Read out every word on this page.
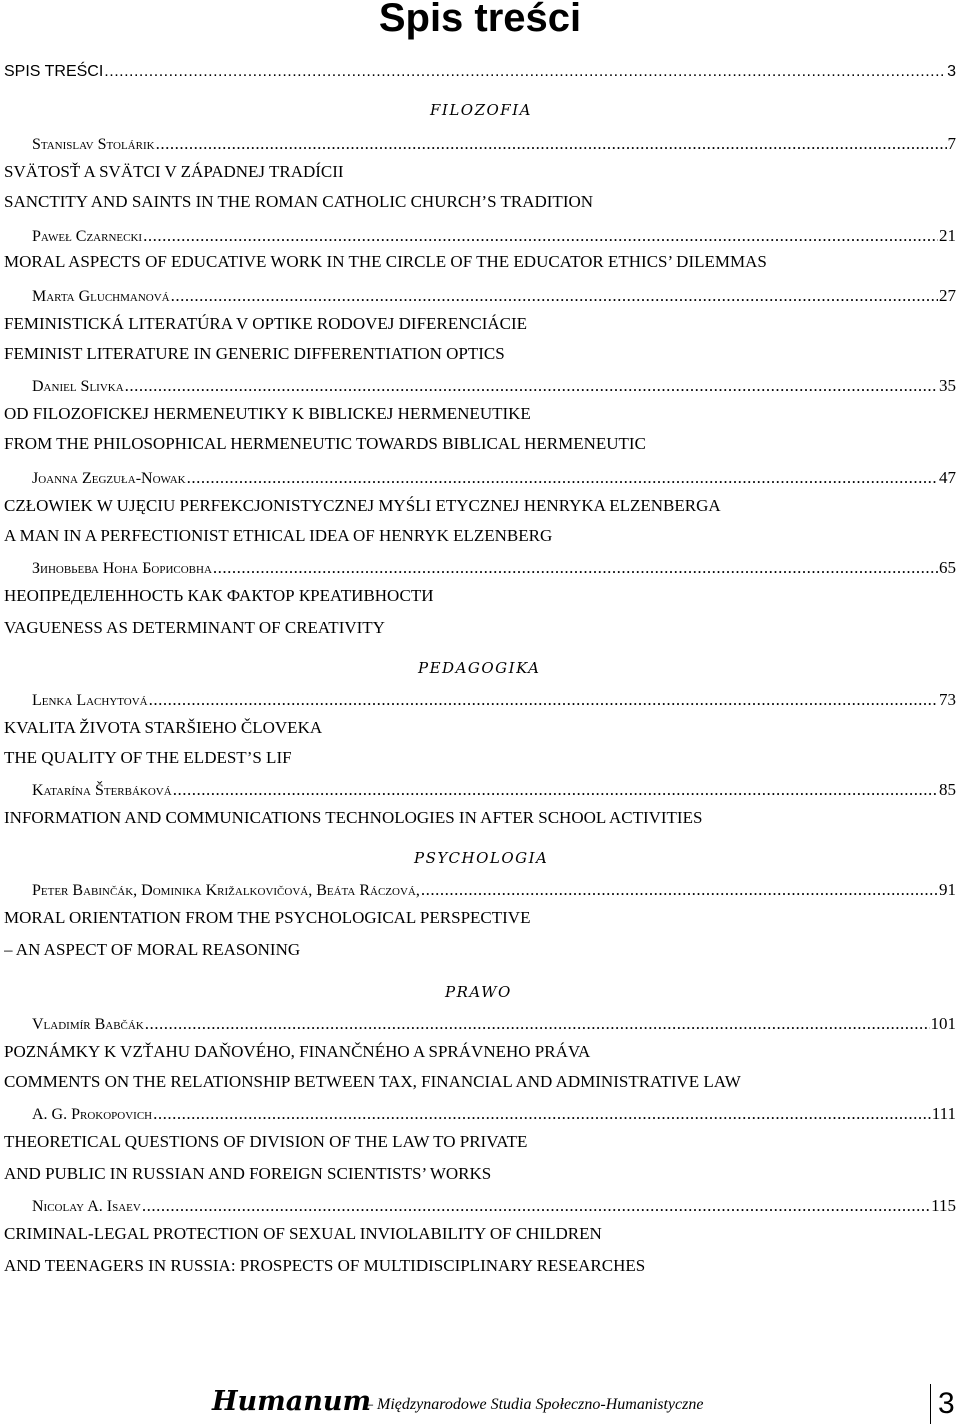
Spis treści
SPIS TREŚCI .....	3
FILOZOFIA
Stanislav Stolárik .....	7
SVÄTOSŤ A SVÄTCI V ZÁPADNEJ TRADÍCII
SANCTITY AND SAINTS IN THE ROMAN CATHOLIC CHURCH’S TRADITION
Paweł Czarnecki .....	21
MORAL ASPECTS OF EDUCATIVE WORK IN THE CIRCLE OF THE EDUCATOR ETHICS’ DILEMMAS
Marta Gluchmanová .....	27
FEMINISTICKÁ LITERATÚRA V OPTIKE RODOVEJ DIFERENCIÁCIE
FEMINIST LITERATURE IN GENERIC DIFFERENTIATION OPTICS
Daniel Slivka .....	35
OD FILOZOFICKEJ HERMENEUTIKY K BIBLICKEJ HERMENEUTIKE
FROM THE PHILOSOPHICAL HERMENEUTIC TOWARDS BIBLICAL HERMENEUTIC
Joanna Zegzuła-Nowak .....	47
CZŁOWIEK W UJĘCIU PERFEKCJONISTYCZNEJ MYŚLI ETYCZNEJ HENRYKA ELZENBERGA
A MAN IN A PERFECTIONIST ETHICAL IDEA OF HENRYK ELZENBERG
Зиновьева Нона Борисовна .....	65
НЕОПРЕДЕЛЕННОСТЬ КАК ФАКТОР КРЕАТИВНОСТИ
VAGUENESS AS DETERMINANT OF CREATIVITY
PEDAGOGIKA
Lenka Lachytová .....	73
KVALITA ŽIVOTA STARŠIEHO ČLOVEKA
THE QUALITY OF THE ELDEST’S LIF
Katarína Šterbáková .....	85
INFORMATION AND COMMUNICATIONS TECHNOLOGIES IN AFTER SCHOOL ACTIVITIES
PSYCHOLOGIA
Peter Babinčák, Dominika Križalkovičová, Beáta Ráczová, .....	91
MORAL ORIENTATION FROM THE PSYCHOLOGICAL PERSPECTIVE
– AN ASPECT OF MORAL REASONING
PRAWO
Vladimír Babčák .....	101
POZNÁMKY K VZŤAHU DAŇOVÉHO, FINANČNÉHO A SPRÁVNEHO PRÁVA
COMMENTS ON THE RELATIONSHIP BETWEEN TAX, FINANCIAL AND ADMINISTRATIVE LAW
A. G. Prokopovich .....	111
THEORETICAL QUESTIONS OF DIVISION OF THE LAW TO PRIVATE
AND PUBLIC IN RUSSIAN AND FOREIGN SCIENTISTS’ WORKS
Nicolay A. Isaev .....	115
CRIMINAL-LEGAL PROTECTION OF SEXUAL INVIOLABILITY OF CHILDREN
AND TEENAGERS IN RUSSIA: PROSPECTS OF MULTIDISCIPLINARY RESEARCHES
Humanum
– Międzynarodowe Studia Społeczno-Humanistyczne	3
